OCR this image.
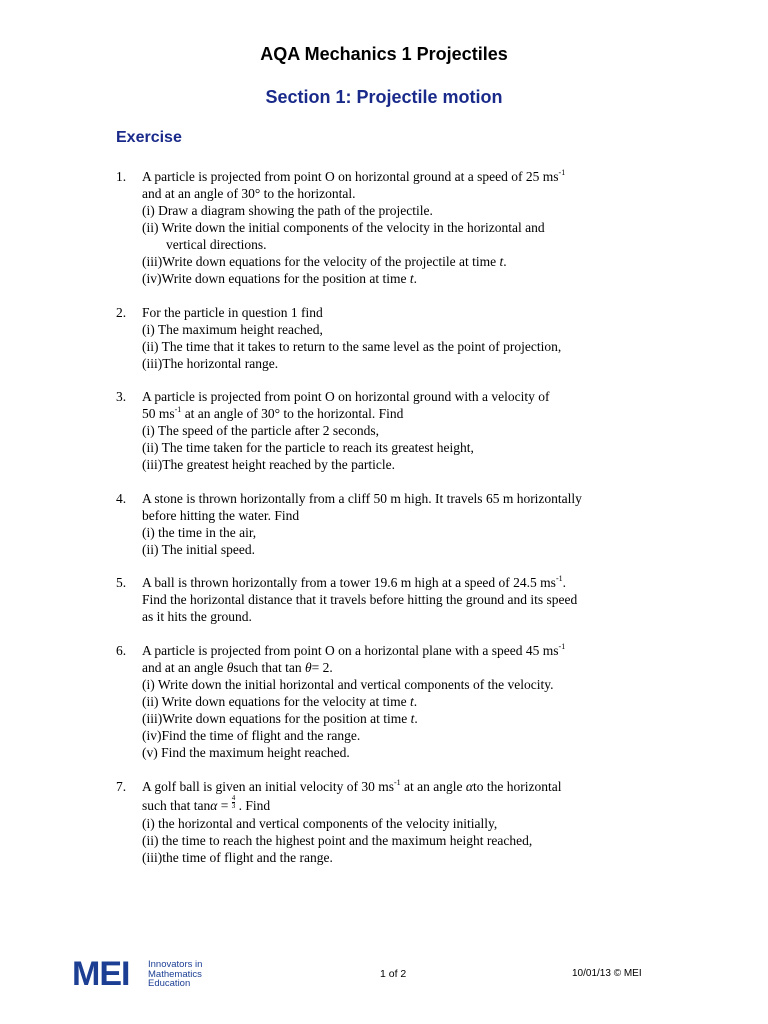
AQA Mechanics 1 Projectiles
Section 1: Projectile motion
Exercise
1.	A particle is projected from point O on horizontal ground at a speed of 25 $ms^{-1}$
and at an angle of 30° to the horizontal.
(i) Draw a diagram showing the path of the projectile.
(ii) Write down the initial components of the velocity in the horizontal and
vertical directions.
(iii)Write down equations for the velocity of the projectile at time t.
(iv)Write down equations for the position at time t.
2.	For the particle in question 1 find
(i) The maximum height reached,
(ii) The time that it takes to return to the same level as the point of projection,
(iii)The horizontal range.
3.	A particle is projected from point O on horizontal ground with a velocity of
50 $ms^{-1}$ at an angle of 30° to the horizontal. Find
(i) The speed of the particle after 2 seconds,
(ii) The time taken for the particle to reach its greatest height,
(iii)The greatest height reached by the particle.
4.	A stone is thrown horizontally from a cliff 50 m high. It travels 65 m horizontally
before hitting the water. Find
(i) the time in the air,
(ii) The initial speed.
5.	A ball is thrown horizontally from a tower 19.6 m high at a speed of 24.5 $ms^{-1}$.
Find the horizontal distance that it travels before hitting the ground and its speed
as it hits the ground.
6.	A particle is projected from point O on a horizontal plane with a speed 45 $ms^{-1}$
and at an angle θsuch that tan θ= 2.
(i) Write down the initial horizontal and vertical components of the velocity.
(ii) Write down equations for the velocity at time t.
(iii)Write down equations for the position at time t.
(iv)Find the time of flight and the range.
(v) Find the maximum height reached.
7.	A golf ball is given an initial velocity of 30 $ms^{-1}$ at an angle αto the horizontal
such that $\tan\alpha = \frac{4}{3}$ . Find
(i) the horizontal and vertical components of the velocity initially,
(ii) the time to reach the highest point and the maximum height reached,
(iii)the time of flight and the range.
MEI Innovators in
Mathematics
Education
1 of 2	10/01/13 © MEI
